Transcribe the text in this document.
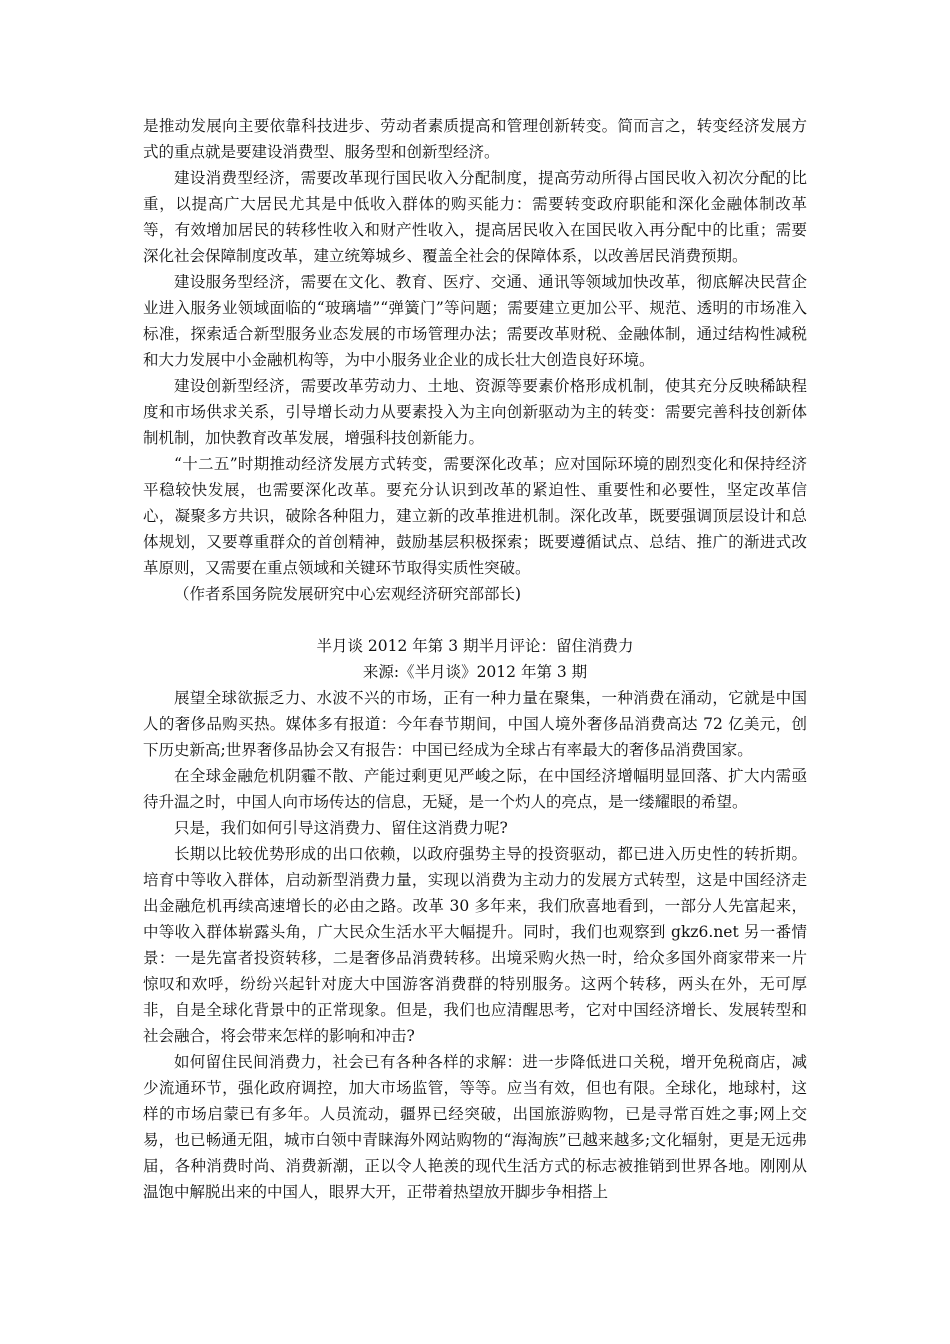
是推动发展向主要依靠科技进步、劳动者素质提高和管理创新转变。简而言之，转变经济发展方式的重点就是要建设消费型、服务型和创新型经济。

建设消费型经济，需要改革现行国民收入分配制度，提高劳动所得占国民收入初次分配的比重，以提高广大居民尤其是中低收入群体的购买能力：需要转变政府职能和深化金融体制改革等，有效增加居民的转移性收入和财产性收入，提高居民收入在国民收入再分配中的比重；需要深化社会保障制度改革，建立统筹城乡、覆盖全社会的保障体系，以改善居民消费预期。

建设服务型经济，需要在文化、教育、医疗、交通、通讯等领域加快改革，彻底解决民营企业进入服务业领域面临的“玻璃墙”“弹簧门”等问题；需要建立更加公平、规范、透明的市场准入标准，探索适合新型服务业态发展的市场管理办法；需要改革财税、金融体制，通过结构性减税和大力发展中小金融机构等，为中小服务业企业的成长壮大创造良好环境。

建设创新型经济，需要改革劳动力、土地、资源等要素价格形成机制，使其充分反映稀缺程度和市场供求关系，引导增长动力从要素投入为主向创新驱动为主的转变：需要完善科技创新体制机制，加快教育改革发展，增强科技创新能力。

“十二五”时期推动经济发展方式转变，需要深化改革；应对国际环境的剧烈变化和保持经济平稳较快发展，也需要深化改革。要充分认识到改革的紧迫性、重要性和必要性，坚定改革信心，凝聚多方共识，破除各种阻力，建立新的改革推进机制。深化改革，既要强调顶层设计和总体规划，又要尊重群众的首创精神，鼓励基层积极探索；既要遵循试点、总结、推广的渐进式改革原则，又需要在重点领域和关键环节取得实质性突破。

（作者系国务院发展研究中心宏观经济研究部部长)

半月谈 2012 年第 3 期半月评论：留住消费力

来源:《半月谈》2012 年第 3 期

展望全球欲振乏力、水波不兴的市场，正有一种力量在聚集，一种消费在涌动，它就是中国人的奢侈品购买热。媒体多有报道：今年春节期间，中国人境外奢侈品消费高达 72 亿美元，创下历史新高;世界奢侈品协会又有报告：中国已经成为全球占有率最大的奢侈品消费国家。

在全球金融危机阴霾不散、产能过剩更见严峻之际，在中国经济增幅明显回落、扩大内需亟待升温之时，中国人向市场传达的信息，无疑，是一个灼人的亮点，是一缕耀眼的希望。

只是，我们如何引导这消费力、留住这消费力呢?

长期以比较优势形成的出口依赖，以政府强势主导的投资驱动，都已进入历史性的转折期。培育中等收入群体，启动新型消费力量，实现以消费为主动力的发展方式转型，这是中国经济走出金融危机再续高速增长的必由之路。改革 30 多年来，我们欣喜地看到，一部分人先富起来，中等收入群体崭露头角，广大民众生活水平大幅提升。同时，我们也观察到 gkz6.net 另一番情景：一是先富者投资转移，二是奢侈品消费转移。出境采购火热一时，给众多国外商家带来一片惊叹和欢呼，纷纷兴起针对庞大中国游客消费群的特别服务。这两个转移，两头在外，无可厚非，自是全球化背景中的正常现象。但是，我们也应清醒思考，它对中国经济增长、发展转型和社会融合，将会带来怎样的影响和冲击?

如何留住民间消费力，社会已有各种各样的求解：进一步降低进口关税，增开免税商店，减少流通环节，强化政府调控，加大市场监管，等等。应当有效，但也有限。全球化，地球村，这样的市场启蒙已有多年。人员流动，疆界已经突破，出国旅游购物，已是寻常百姓之事;网上交易，也已畅通无阻，城市白领中青睐海外网站购物的“海淘族”已越来越多;文化辐射，更是无远弗届，各种消费时尚、消费新潮，正以令人艳羡的现代生活方式的标志被推销到世界各地。刚刚从温饱中解脱出来的中国人，眼界大开，正带着热望放开脚步争相搭上
